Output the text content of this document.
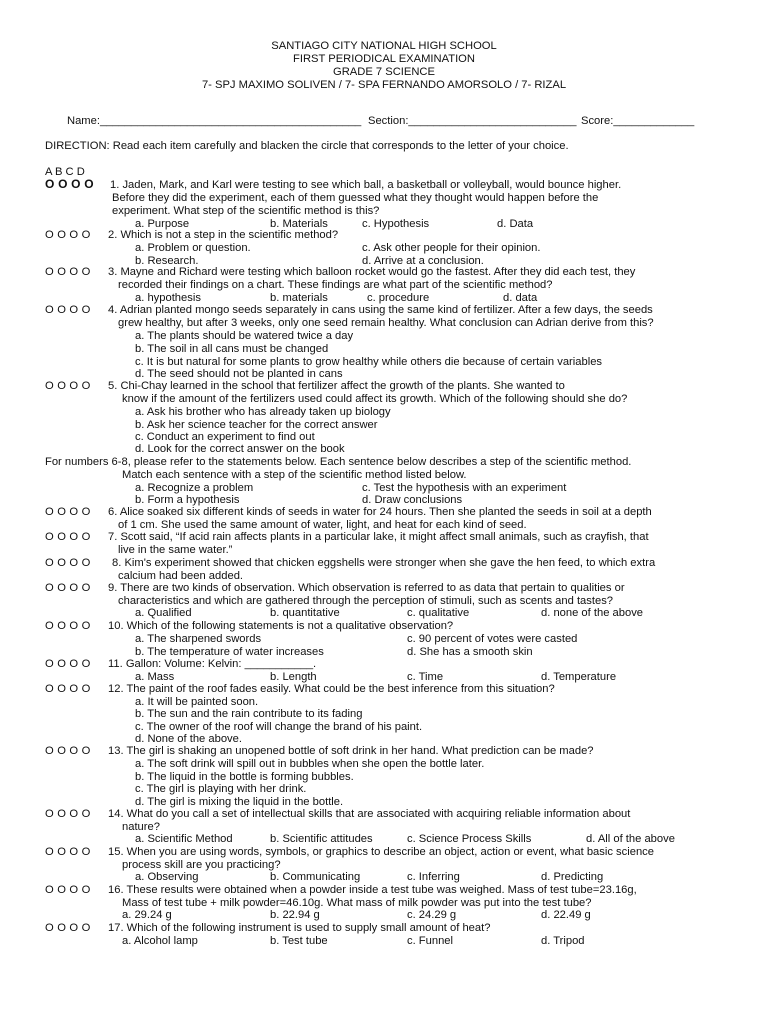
SANTIAGO CITY NATIONAL HIGH SCHOOL
FIRST PERIODICAL EXAMINATION
GRADE 7 SCIENCE
7- SPJ MAXIMO SOLIVEN / 7- SPA FERNANDO AMORSOLO / 7- RIZAL
Name:__________________________________________ Section:___________________________ Score:_____________
DIRECTION: Read each item carefully and blacken the circle that corresponds to the letter of your choice.
A B C D
O O O O 1. Jaden, Mark, and Karl were testing to see which ball, a basketball or volleyball, would bounce higher.
Before they did the experiment, each of them guessed what they thought would happen before the
experiment. What step of the scientific method is this?
a. Purpose	b. Materials	c. Hypothesis	d. Data
O O O O 2. Which is not a step in the scientific method?
a. Problem or question.	c. Ask other people for their opinion.
b. Research.	d. Arrive at a conclusion.
O O O O 3. Mayne and Richard were testing which balloon rocket would go the fastest. After they did each test, they
recorded their findings on a chart. These findings are what part of the scientific method?
a. hypothesis	b. materials	c. procedure	d. data
O O O O 4. Adrian planted mongo seeds separately in cans using the same kind of fertilizer. After a few days, the seeds
grew healthy, but after 3 weeks, only one seed remain healthy. What conclusion can Adrian derive from this?
a. The plants should be watered twice a day
b. The soil in all cans must be changed
c. It is but natural for some plants to grow healthy while others die because of certain variables
d. The seed should not be planted in cans
O O O O 5. Chi-Chay learned in the school that fertilizer affect the growth of the plants. She wanted to
know if the amount of the fertilizers used could affect its growth. Which of the following should she do?
a. Ask his brother who has already taken up biology
b. Ask her science teacher for the correct answer
c. Conduct an experiment to find out
d. Look for the correct answer on the book
For numbers 6-8, please refer to the statements below. Each sentence below describes a step of the scientific method.
Match each sentence with a step of the scientific method listed below.
a. Recognize a problem	c. Test the hypothesis with an experiment
b. Form a hypothesis	d. Draw conclusions
O O O O 6. Alice soaked six different kinds of seeds in water for 24 hours. Then she planted the seeds in soil at a depth
of 1 cm. She used the same amount of water, light, and heat for each kind of seed.
O O O O 7. Scott said, “If acid rain affects plants in a particular lake, it might affect small animals, such as crayfish, that
live in the same water.”
O O O O 8. Kim's experiment showed that chicken eggshells were stronger when she gave the hen feed, to which extra
calcium had been added.
O O O O 9. There are two kinds of observation. Which observation is referred to as data that pertain to qualities or
characteristics and which are gathered through the perception of stimuli, such as scents and tastes?
a. Qualified	b. quantitative	c. qualitative	d. none of the above
O O O O 10. Which of the following statements is not a qualitative observation?
a. The sharpened swords	c. 90 percent of votes were casted
b. The temperature of water increases	d. She has a smooth skin
O O O O 11. Gallon: Volume: Kelvin: ___________.
a. Mass	b. Length	c. Time	d. Temperature
O O O O 12. The paint of the roof fades easily. What could be the best inference from this situation?
a. It will be painted soon.
b. The sun and the rain contribute to its fading
c. The owner of the roof will change the brand of his paint.
d. None of the above.
O O O O 13. The girl is shaking an unopened bottle of soft drink in her hand. What prediction can be made?
a. The soft drink will spill out in bubbles when she open the bottle later.
b. The liquid in the bottle is forming bubbles.
c. The girl is playing with her drink.
d. The girl is mixing the liquid in the bottle.
O O O O 14. What do you call a set of intellectual skills that are associated with acquiring reliable information about
nature?
a. Scientific Method	b. Scientific attitudes	c. Science Process Skills	d. All of the above
O O O O 15. When you are using words, symbols, or graphics to describe an object, action or event, what basic science
process skill are you practicing?
a. Observing	b. Communicating	c. Inferring	d. Predicting
O O O O 16. These results were obtained when a powder inside a test tube was weighed. Mass of test tube=23.16g,
Mass of test tube + milk powder=46.10g. What mass of milk powder was put into the test tube?
a. 29.24 g	b. 22.94 g	c. 24.29 g	d. 22.49 g
O O O O 17. Which of the following instrument is used to supply small amount of heat?
a. Alcohol lamp	b. Test tube	c. Funnel	d. Tripod
